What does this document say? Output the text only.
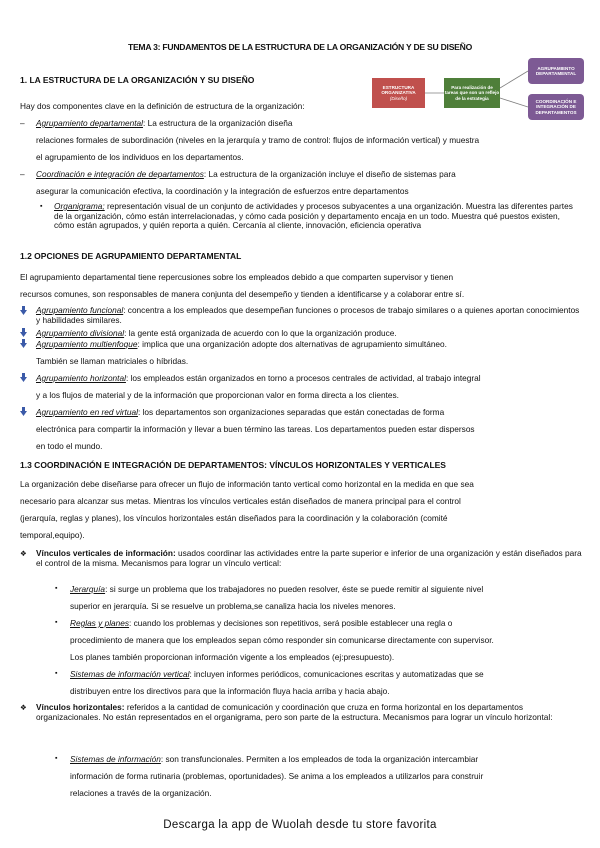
TEMA 3: FUNDAMENTOS DE LA ESTRUCTURA DE LA ORGANIZACIÓN Y DE SU DISEÑO
1. LA ESTRUCTURA DE LA ORGANIZACIÓN Y SU DISEÑO
ESTRUCTURA ORGANIZATIVA
(Diseño)
Para realización de tareas que son un reflejo de la estrategia
AGRUPAMIENTO DEPARTAMENTAL
COORDINACIÓN E INTEGRACIÓN DE DEPARTAMENTOS
Hay dos componentes clave en la definición de estructura de la organización:
– Agrupamiento departamental: La estructura de la organización diseña
relaciones formales de subordinación (niveles en la jerarquía y tramo de control: flujos de información vertical) y muestra
el agrupamiento de los individuos en los departamentos.
– Coordinación e integración de departamentos: La estructura de la organización incluye el diseño de sistemas para
asegurar la comunicación efectiva, la coordinación y la integración de esfuerzos entre departamentos
▪ Organigrama; representación visual de un conjunto de actividades y procesos subyacentes a una organización. Muestra las diferentes partes de la organización, cómo están interrelacionadas, y cómo cada posición y departamento encaja en un todo. Muestra qué puestos existen, cómo están agrupados, y quién reporta a quién. Cercanía al cliente, innovación, eficiencia operativa
1.2 OPCIONES DE AGRUPAMIENTO DEPARTAMENTAL
El agrupamiento departamental tiene repercusiones sobre los empleados debido a que comparten supervisor y tienen
recursos comunes, son responsables de manera conjunta del desempeño y tienden a identificarse y a colaborar entre sí.
Agrupamiento funcional: concentra a los empleados que desempeñan funciones o procesos de trabajo similares o a quienes aportan conocimientos y habilidades similares.
Agrupamiento divisional: la gente está organizada de acuerdo con lo que la organización produce.
Agrupamiento multienfoque: implica que una organización adopte dos alternativas de agrupamiento simultáneo.
También se llaman matriciales o híbridas.
Agrupamiento horizontal: los empleados están organizados en torno a procesos centrales de actividad, al trabajo integral
y a los flujos de material y de la información que proporcionan valor en forma directa a los clientes.
Agrupamiento en red virtual: los departamentos son organizaciones separadas que están conectadas de forma
electrónica para compartir la información y llevar a buen término las tareas. Los departamentos pueden estar dispersos
en todo el mundo.
1.3 COORDINACIÓN E INTEGRACIÓN DE DEPARTAMENTOS: VÍNCULOS HORIZONTALES Y VERTICALES
La organización debe diseñarse para ofrecer un flujo de información tanto vertical como horizontal en la medida en que sea
necesario para alcanzar sus metas. Mientras los vínculos verticales están diseñados de manera principal para el control
(jerarquía, reglas y planes), los vínculos horizontales están diseñados para la coordinación y la colaboración (comité
temporal,equipo).
❖ Vínculos verticales de información: usados coordinar las actividades entre la parte superior e inferior de una organización y están diseñados para el control de la misma. Mecanismos para lograr un vínculo vertical:
▪ Jerarquía: si surge un problema que los trabajadores no pueden resolver, éste se puede remitir al siguiente nivel
superior en jerarquía. Si se resuelve un problema,se canaliza hacia los niveles menores.
▪ Reglas y planes: cuando los problemas y decisiones son repetitivos, será posible establecer una regla o
procedimiento de manera que los empleados sepan cómo responder sin comunicarse directamente con supervisor.
Los planes también proporcionan información vigente a los empleados (ej:presupuesto).
▪ Sistemas de información vertical: incluyen informes periódicos, comunicaciones escritas y automatizadas que se
distribuyen entre los directivos para que la información fluya hacia arriba y hacia abajo.
❖ Vínculos horizontales: referidos a la cantidad de comunicación y coordinación que cruza en forma horizontal en los departamentos organizacionales. No están representados en el organigrama, pero son parte de la estructura. Mecanismos para lograr un vínculo horizontal:
▪ Sistemas de información: son transfuncionales. Permiten a los empleados de toda la organización intercambiar
información de forma rutinaria (problemas, oportunidades). Se anima a los empleados a utilizarlos para construir
relaciones a través de la organización.
Descarga la app de Wuolah desde tu store favorita
